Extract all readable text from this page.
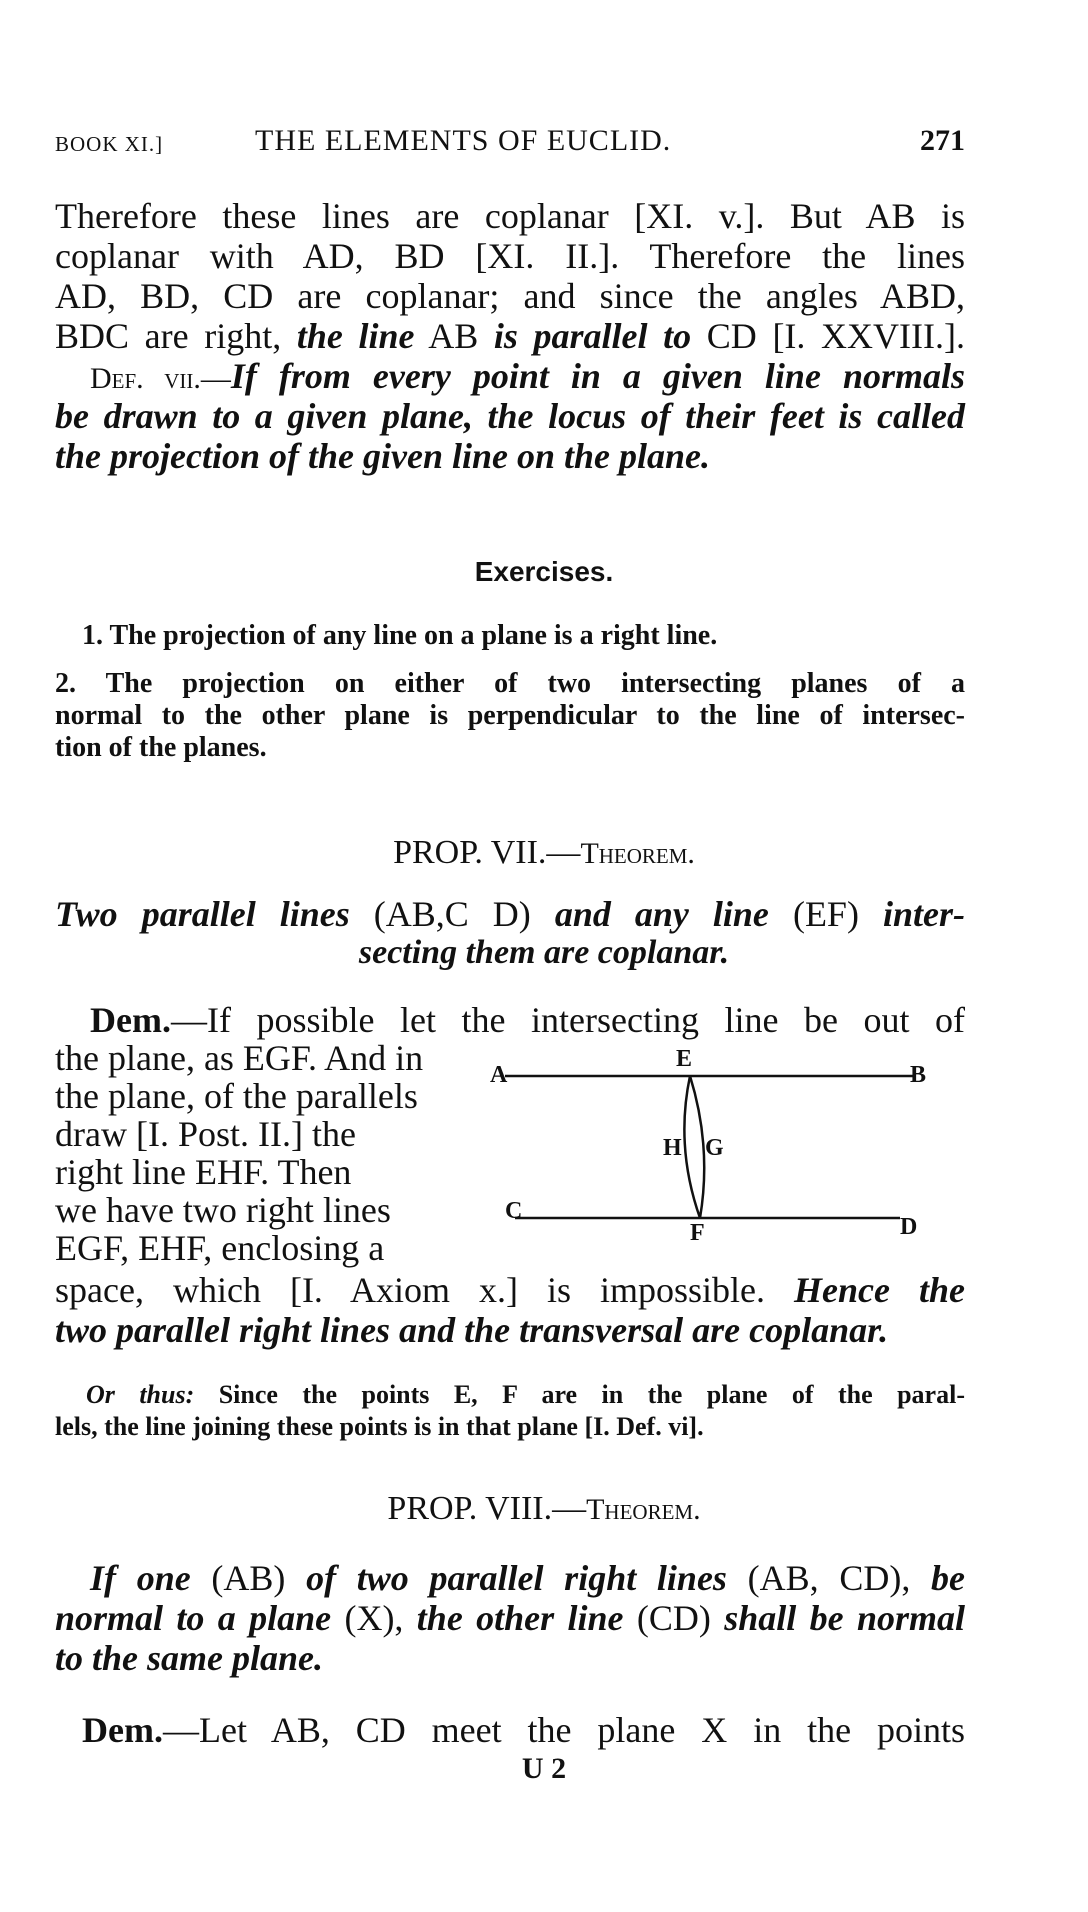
BOOK XI.]	THE ELEMENTS OF EUCLID.	271
Therefore these lines are coplanar [XI. v.]. But AB is
coplanar with AD, BD [XI. II.]. Therefore the lines
AD, BD, CD are coplanar; and since the angles ABD,
BDC are right, the line AB is parallel to CD [I. XXVIII.].
Def. vii.—If from every point in a given line normals
be drawn to a given plane, the locus of their feet is called
the projection of the given line on the plane.
Exercises.
1. The projection of any line on a plane is a right line.
2. The projection on either of two intersecting planes of a
normal to the other plane is perpendicular to the line of intersec-
tion of the planes.
PROP. VII.—Theorem.
Two parallel lines (AB,C D) and any line (EF) inter-
secting them are coplanar.
Dem.—If possible let the intersecting line be out of
the plane, as EGF. And in
the plane, of the parallels
draw [I. Post. II.] the
right line EHF. Then
we have two right lines
EGF, EHF, enclosing a
space, which [I. Axiom x.] is impossible. Hence the
two parallel right lines and the transversal are coplanar.
A	B
C
D
E
F
G
H
Or thus: Since the points E, F are in the plane of the paral-
lels, the line joining these points is in that plane [I. Def. vi].
PROP. VIII.—Theorem.
If one (AB) of two parallel right lines (AB, CD), be
normal to a plane (X), the other line (CD) shall be normal
to the same plane.
Dem.—Let AB, CD meet the plane X in the points
U 2
